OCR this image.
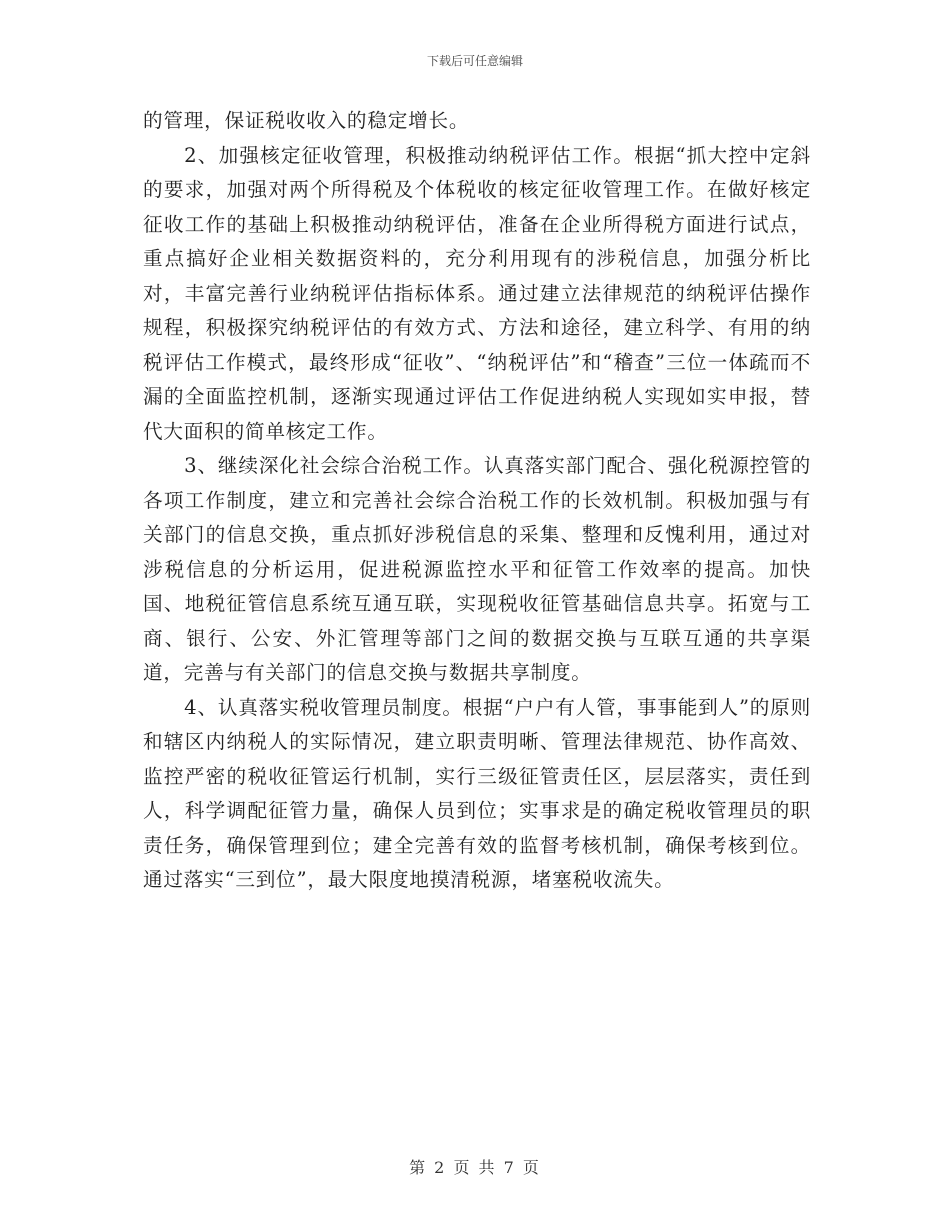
下载后可任意编辑

的管理，保证税收收入的稳定增长。

2、加强核定征收管理，积极推动纳税评估工作。根据“抓大控中定斜的要求，加强对两个所得税及个体税收的核定征收管理工作。在做好核定征收工作的基础上积极推动纳税评估，准备在企业所得税方面进行试点，重点搞好企业相关数据资料的，充分利用现有的涉税信息，加强分析比对，丰富完善行业纳税评估指标体系。通过建立法律规范的纳税评估操作规程，积极探究纳税评估的有效方式、方法和途径，建立科学、有用的纳税评估工作模式，最终形成“征收”、“纳税评估”和“稽查”三位一体疏而不漏的全面监控机制，逐渐实现通过评估工作促进纳税人实现如实申报，替代大面积的简单核定工作。

3、继续深化社会综合治税工作。认真落实部门配合、强化税源控管的各项工作制度，建立和完善社会综合治税工作的长效机制。积极加强与有关部门的信息交换，重点抓好涉税信息的采集、整理和反愧利用，通过对涉税信息的分析运用，促进税源监控水平和征管工作效率的提高。加快国、地税征管信息系统互通互联，实现税收征管基础信息共享。拓宽与工商、银行、公安、外汇管理等部门之间的数据交换与互联互通的共享渠道，完善与有关部门的信息交换与数据共享制度。

4、认真落实税收管理员制度。根据“户户有人管，事事能到人”的原则和辖区内纳税人的实际情况，建立职责明晰、管理法律规范、协作高效、监控严密的税收征管运行机制，实行三级征管责任区，层层落实，责任到人，科学调配征管力量，确保人员到位；实事求是的确定税收管理员的职责任务，确保管理到位；建全完善有效的监督考核机制，确保考核到位。通过落实“三到位”，最大限度地摸清税源，堵塞税收流失。

第 2 页 共 7 页
